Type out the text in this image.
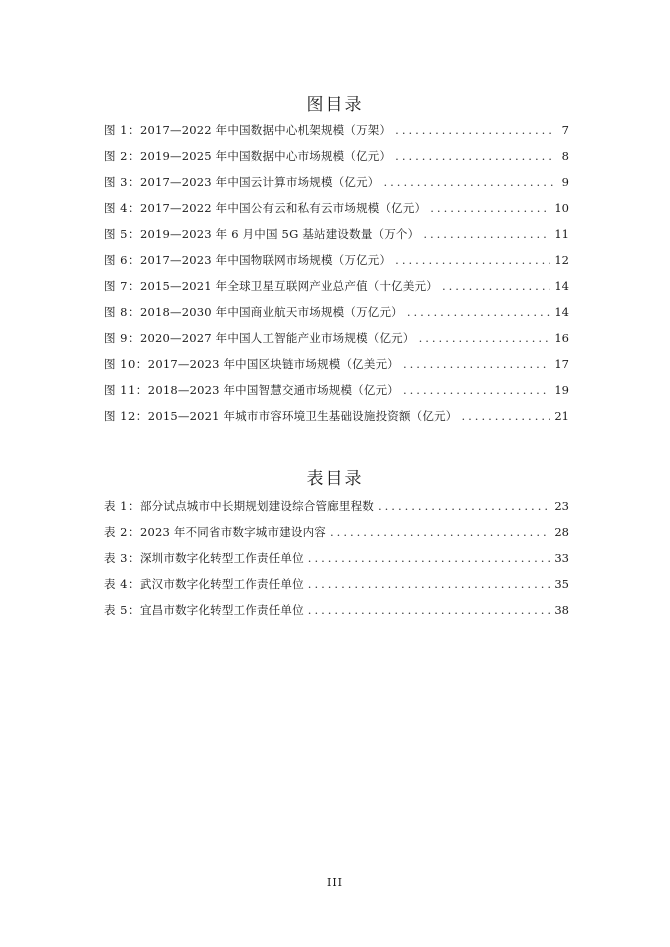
图目录
图 1： 2017—2022 年中国数据中心机架规模（万架） .....	7
图 2： 2019—2025 年中国数据中心市场规模（亿元） .....	8
图 3： 2017—2023 年中国云计算市场规模（亿元） .....	9
图 4： 2017—2022 年中国公有云和私有云市场规模（亿元） .....	10
图 5： 2019—2023 年 6 月中国 5G 基站建设数量（万个） .....	11
图 6： 2017—2023 年中国物联网市场规模（万亿元） .....	12
图 7： 2015—2021 年全球卫星互联网产业总产值（十亿美元） .....	14
图 8： 2018—2030 年中国商业航天市场规模（万亿元） .....	14
图 9： 2020—2027 年中国人工智能产业市场规模（亿元） .....	16
图 10： 2017—2023 年中国区块链市场规模（亿美元） .....	17
图 11： 2018—2023 年中国智慧交通市场规模（亿元） .....	19
图 12： 2015—2021 年城市市容环境卫生基础设施投资额（亿元） .....	21
表目录
表 1： 部分试点城市中长期规划建设综合管廊里程数 .....	23
表 2： 2023 年不同省市数字城市建设内容 .....	28
表 3： 深圳市数字化转型工作责任单位 .....	33
表 4： 武汉市数字化转型工作责任单位 .....	35
表 5： 宜昌市数字化转型工作责任单位 .....	38
III
